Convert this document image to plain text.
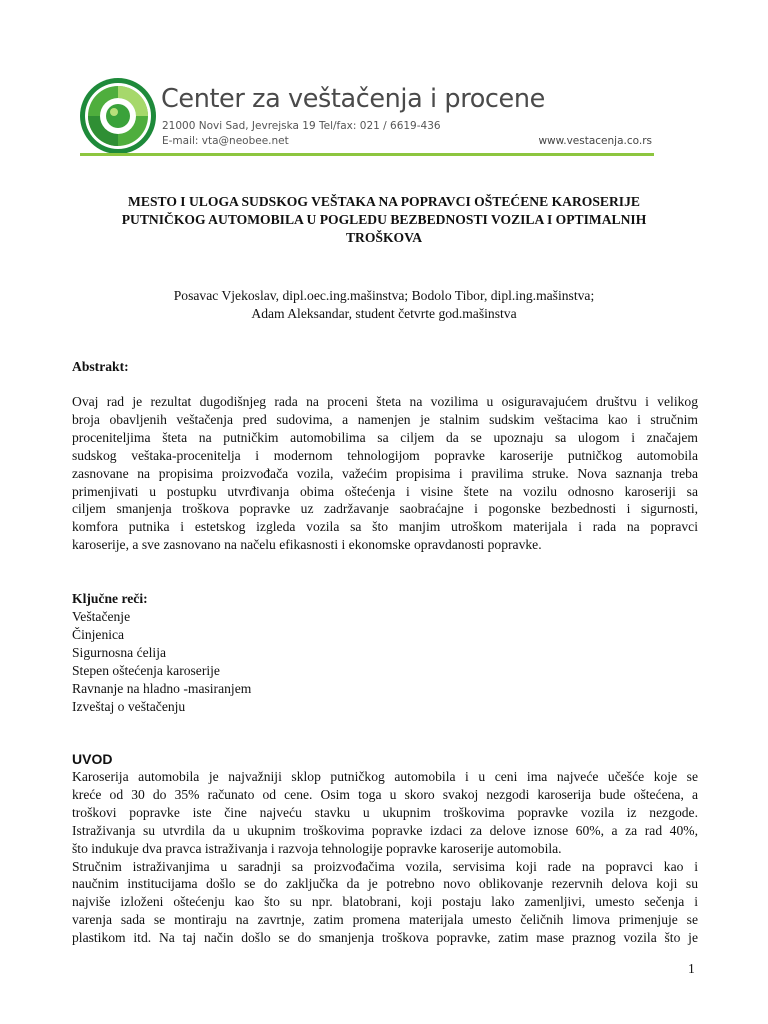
Center za veštačenja i procene
21000 Novi Sad, Jevrejska 19 Tel/fax: 021 / 6619-436
E-mail: vta@neobee.net	www.vestacenja.co.rs
MESTO I ULOGA SUDSKOG VEŠTAKA NA POPRAVCI OŠTEĆENE KAROSERIJE
PUTNIČKOG AUTOMOBILA U POGLEDU BEZBEDNOSTI VOZILA I OPTIMALNIH
TROŠKOVA
Posavac Vjekoslav, dipl.oec.ing.mašinstva; Bodolo Tibor, dipl.ing.mašinstva;
Adam Aleksandar, student četvrte god.mašinstva
Abstrakt:
Ovaj rad je rezultat dugodišnjeg rada na proceni šteta na vozilima u osiguravajućem društvu i velikog
broja obavljenih veštačenja pred sudovima, a namenjen je stalnim sudskim veštacima kao i stručnim
proceniteljima šteta na putničkim automobilima sa ciljem da se upoznaju sa ulogom i značajem
sudskog veštaka-procenitelja i modernom tehnologijom popravke karoserije putničkog automobila
zasnovane na propisima proizvođača vozila, važećim propisima i pravilima struke. Nova saznanja treba
primenjivati u postupku utvrđivanja obima oštećenja i visine štete na vozilu odnosno karoseriji sa
ciljem smanjenja troškova popravke uz zadržavanje saobraćajne i pogonske bezbednosti i sigurnosti,
komfora putnika i estetskog izgleda vozila sa što manjim utroškom materijala i rada na popravci
karoserije, a sve zasnovano na načelu efikasnosti i ekonomske opravdanosti popravke.
Ključne reči:
Veštačenje
Činjenica
Sigurnosna ćelija
Stepen oštećenja karoserije
Ravnanje na hladno -masiranjem
Izveštaj o veštačenju
UVOD
Karoserija automobila je najvažniji sklop putničkog automobila i u ceni ima najveće učešće koje se
kreće od 30 do 35% računato od cene. Osim toga u skoro svakoj nezgodi karoserija bude oštećena, a
troškovi popravke iste čine najveću stavku u ukupnim troškovima popravke vozila iz nezgode.
Istraživanja su utvrdila da u ukupnim troškovima popravke izdaci za delove iznose 60%, a za rad 40%,
što indukuje dva pravca istraživanja i razvoja tehnologije popravke karoserije automobila.
Stručnim istraživanjima u saradnji sa proizvođačima vozila, servisima koji rade na popravci kao i
naučnim institucijama došlo se do zaključka da je potrebno novo oblikovanje rezervnih delova koji su
najviše izloženi oštećenju kao što su npr. blatobrani, koji postaju lako zamenljivi, umesto sečenja i
varenja sada se montiraju na zavrtnje, zatim promena materijala umesto čeličnih limova primenjuje se
plastikom itd. Na taj način došlo se do smanjenja troškova popravke, zatim mase praznog vozila što je
1
